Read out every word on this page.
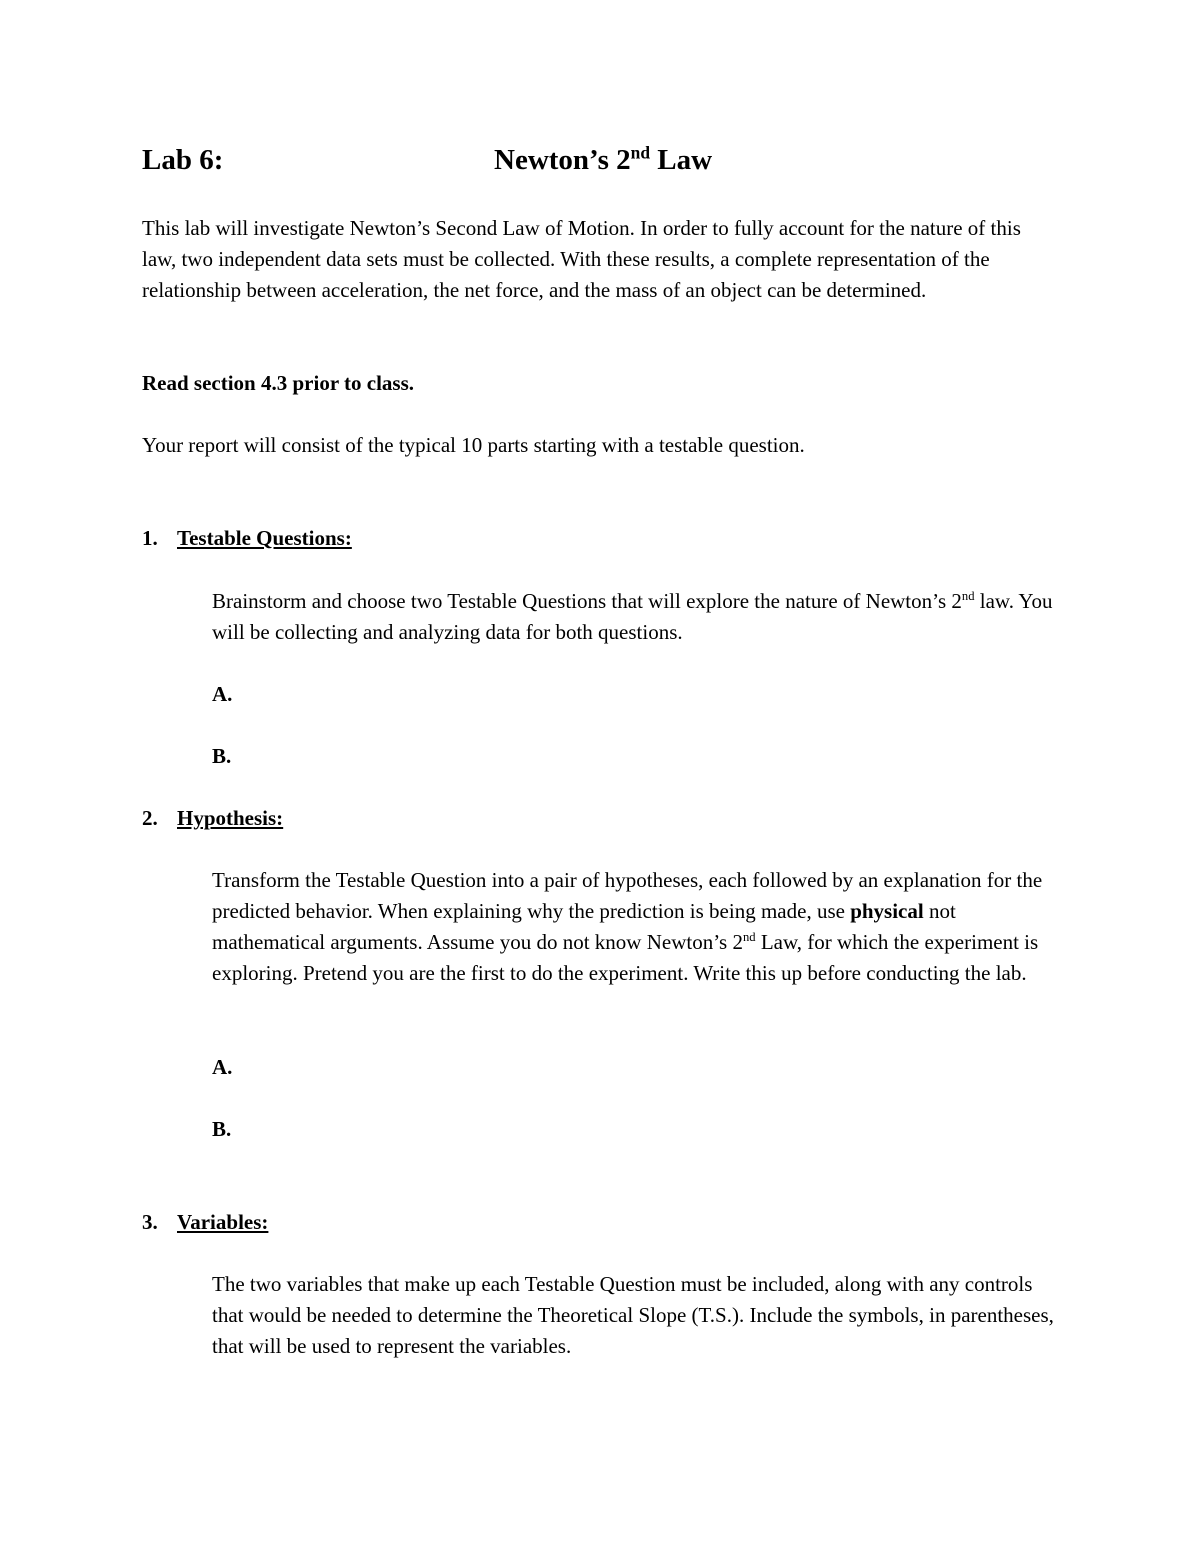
Lab 6:	Newton’s 2nd Law

This lab will investigate Newton’s Second Law of Motion. In order to fully account for the nature of this law, two independent data sets must be collected. With these results, a complete representation of the relationship between acceleration, the net force, and the mass of an object can be determined.

Read section 4.3 prior to class.

Your report will consist of the typical 10 parts starting with a testable question.

1. Testable Questions:

Brainstorm and choose two Testable Questions that will explore the nature of Newton’s 2nd law. You will be collecting and analyzing data for both questions.

A.
B.
2. Hypothesis:

Transform the Testable Question into a pair of hypotheses, each followed by an explanation for the predicted behavior. When explaining why the prediction is being made, use physical not mathematical arguments. Assume you do not know Newton’s 2nd Law, for which the experiment is exploring. Pretend you are the first to do the experiment. Write this up before conducting the lab.

A.
B.
3. Variables:

The two variables that make up each Testable Question must be included, along with any controls that would be needed to determine the Theoretical Slope (T.S.). Include the symbols, in parentheses, that will be used to represent the variables.
